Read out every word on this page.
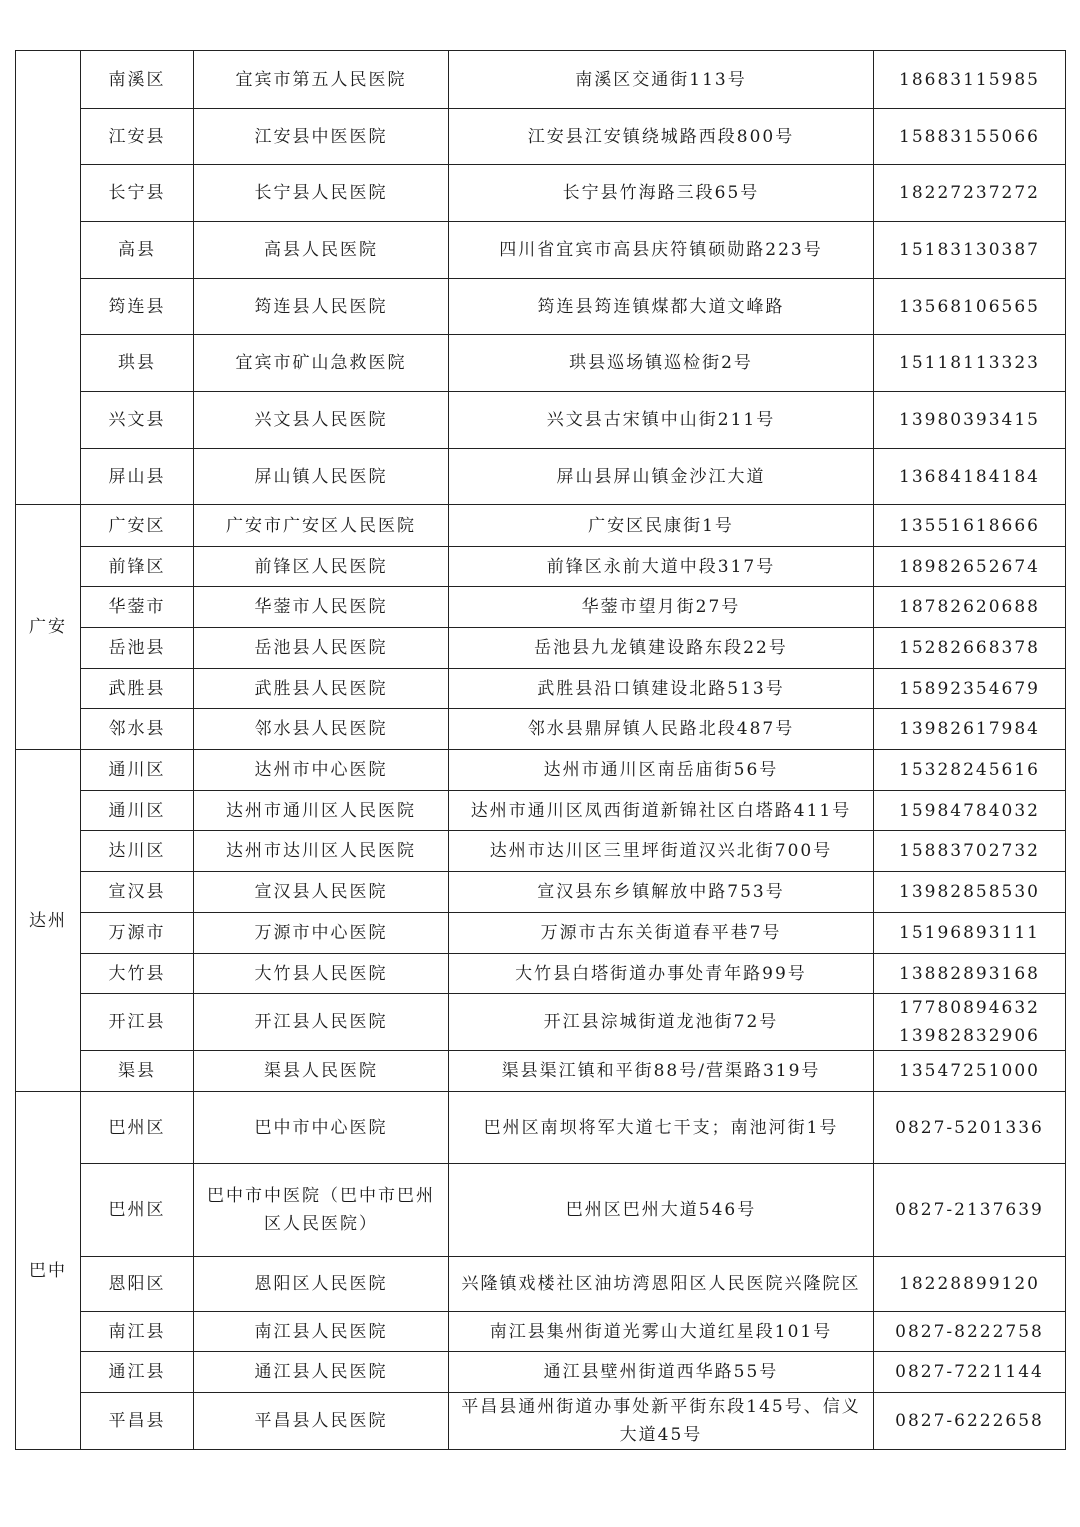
	南溪区	宜宾市第五人民医院	南溪区交通街113号	18683115985

	江安县	江安县中医医院	江安县江安镇绕城路西段800号	15883155066

	长宁县	长宁县人民医院	长宁县竹海路三段65号	18227237272

	高县	高县人民医院	四川省宜宾市高县庆符镇硕勋路223号	15183130387

	筠连县	筠连县人民医院	筠连县筠连镇煤都大道文峰路	13568106565

	珙县	宜宾市矿山急救医院	珙县巡场镇巡检街2号	15118113323

	兴文县	兴文县人民医院	兴文县古宋镇中山街211号	13980393415

	屏山县	屏山镇人民医院	屏山县屏山镇金沙江大道	13684184184

广安	广安区	广安市广安区人民医院	广安区民康街1号	13551618666

	前锋区	前锋区人民医院	前锋区永前大道中段317号	18982652674

	华蓥市	华蓥市人民医院	华蓥市望月街27号	18782620688

	岳池县	岳池县人民医院	岳池县九龙镇建设路东段22号	15282668378

	武胜县	武胜县人民医院	武胜县沿口镇建设北路513号	15892354679

	邻水县	邻水县人民医院	邻水县鼎屏镇人民路北段487号	13982617984

达州	通川区	达州市中心医院	达州市通川区南岳庙街56号	15328245616

	通川区	达州市通川区人民医院	达州市通川区凤西街道新锦社区白塔路411号	15984784032

	达川区	达州市达川区人民医院	达州市达川区三里坪街道汉兴北街700号	15883702732

	宣汉县	宣汉县人民医院	宣汉县东乡镇解放中路753号	13982858530

	万源市	万源市中心医院	万源市古东关街道春平巷7号	15196893111

	大竹县	大竹县人民医院	大竹县白塔街道办事处青年路99号	13882893168

	开江县	开江县人民医院	开江县淙城街道龙池街72号	17780894632
13982832906

	渠县	渠县人民医院	渠县渠江镇和平街88号/营渠路319号	13547251000

巴中	巴州区	巴中市中心医院	巴州区南坝将军大道七干支；南池河街1号	0827-5201336

	巴州区	巴中市中医院（巴中市巴州区人民医院）	巴州区巴州大道546号	0827-2137639

	恩阳区	恩阳区人民医院	兴隆镇戏楼社区油坊湾恩阳区人民医院兴隆院区	18228899120

	南江县	南江县人民医院	南江县集州街道光雾山大道红星段101号	0827-8222758

	通江县	通江县人民医院	通江县壁州街道西华路55号	0827-7221144

	平昌县	平昌县人民医院	平昌县通州街道办事处新平街东段145号、信义大道45号	0827-6222658
